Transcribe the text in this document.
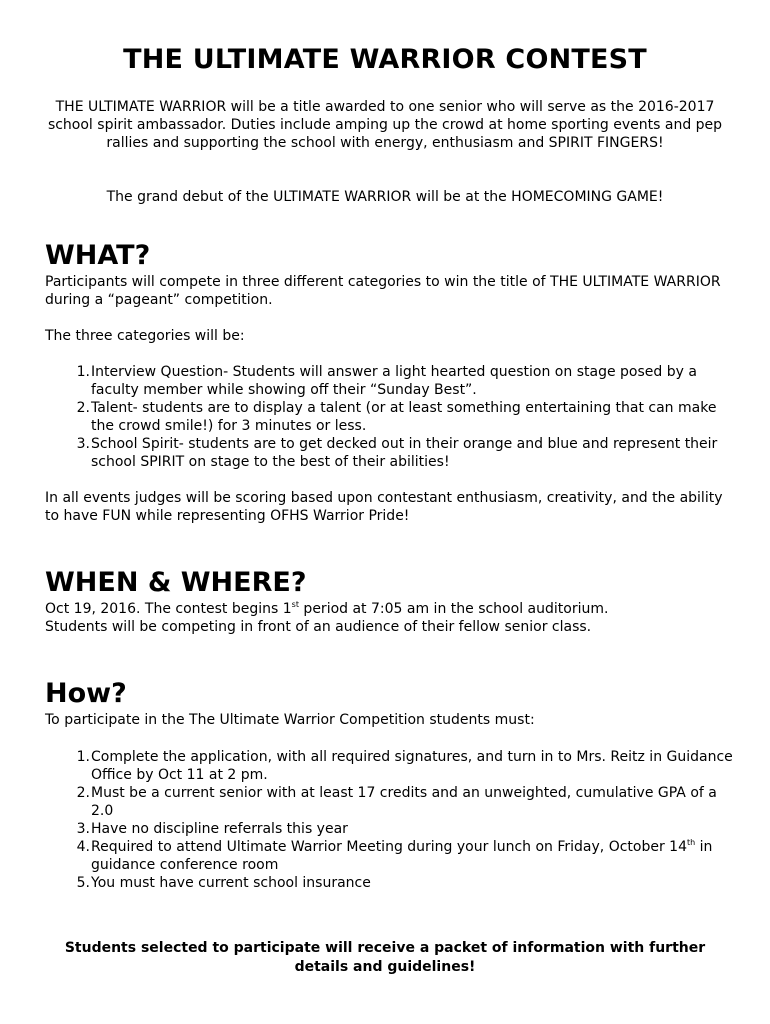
THE ULTIMATE WARRIOR CONTEST

THE ULTIMATE WARRIOR will be a title awarded to one senior who will serve as the 2016-2017 school spirit ambassador. Duties include amping up the crowd at home sporting events and pep rallies and supporting the school with energy, enthusiasm and SPIRIT FINGERS!

The grand debut of the ULTIMATE WARRIOR will be at the HOMECOMING GAME!

WHAT?

Participants will compete in three different categories to win the title of THE ULTIMATE WARRIOR during a “pageant” competition.

The three categories will be:

1. Interview Question- Students will answer a light hearted question on stage posed by a faculty member while showing off their “Sunday Best”.
2. Talent- students are to display a talent (or at least something entertaining that can make the crowd smile!) for 3 minutes or less.
3. School Spirit- students are to get decked out in their orange and blue and represent their school SPIRIT on stage to the best of their abilities!

In all events judges will be scoring based upon contestant enthusiasm, creativity, and the ability to have FUN while representing OFHS Warrior Pride!

WHEN & WHERE?

Oct 19, 2016. The contest begins 1st period at 7:05 am in the school auditorium.
Students will be competing in front of an audience of their fellow senior class.

How?

To participate in the The Ultimate Warrior Competition students must:

1. Complete the application, with all required signatures, and turn in to Mrs. Reitz in Guidance Office by Oct 11 at 2 pm.
2. Must be a current senior with at least 17 credits and an unweighted, cumulative GPA of a 2.0
3. Have no discipline referrals this year
4. Required to attend Ultimate Warrior Meeting during your lunch on Friday, October 14th in guidance conference room
5. You must have current school insurance

Students selected to participate will receive a packet of information with further details and guidelines!
